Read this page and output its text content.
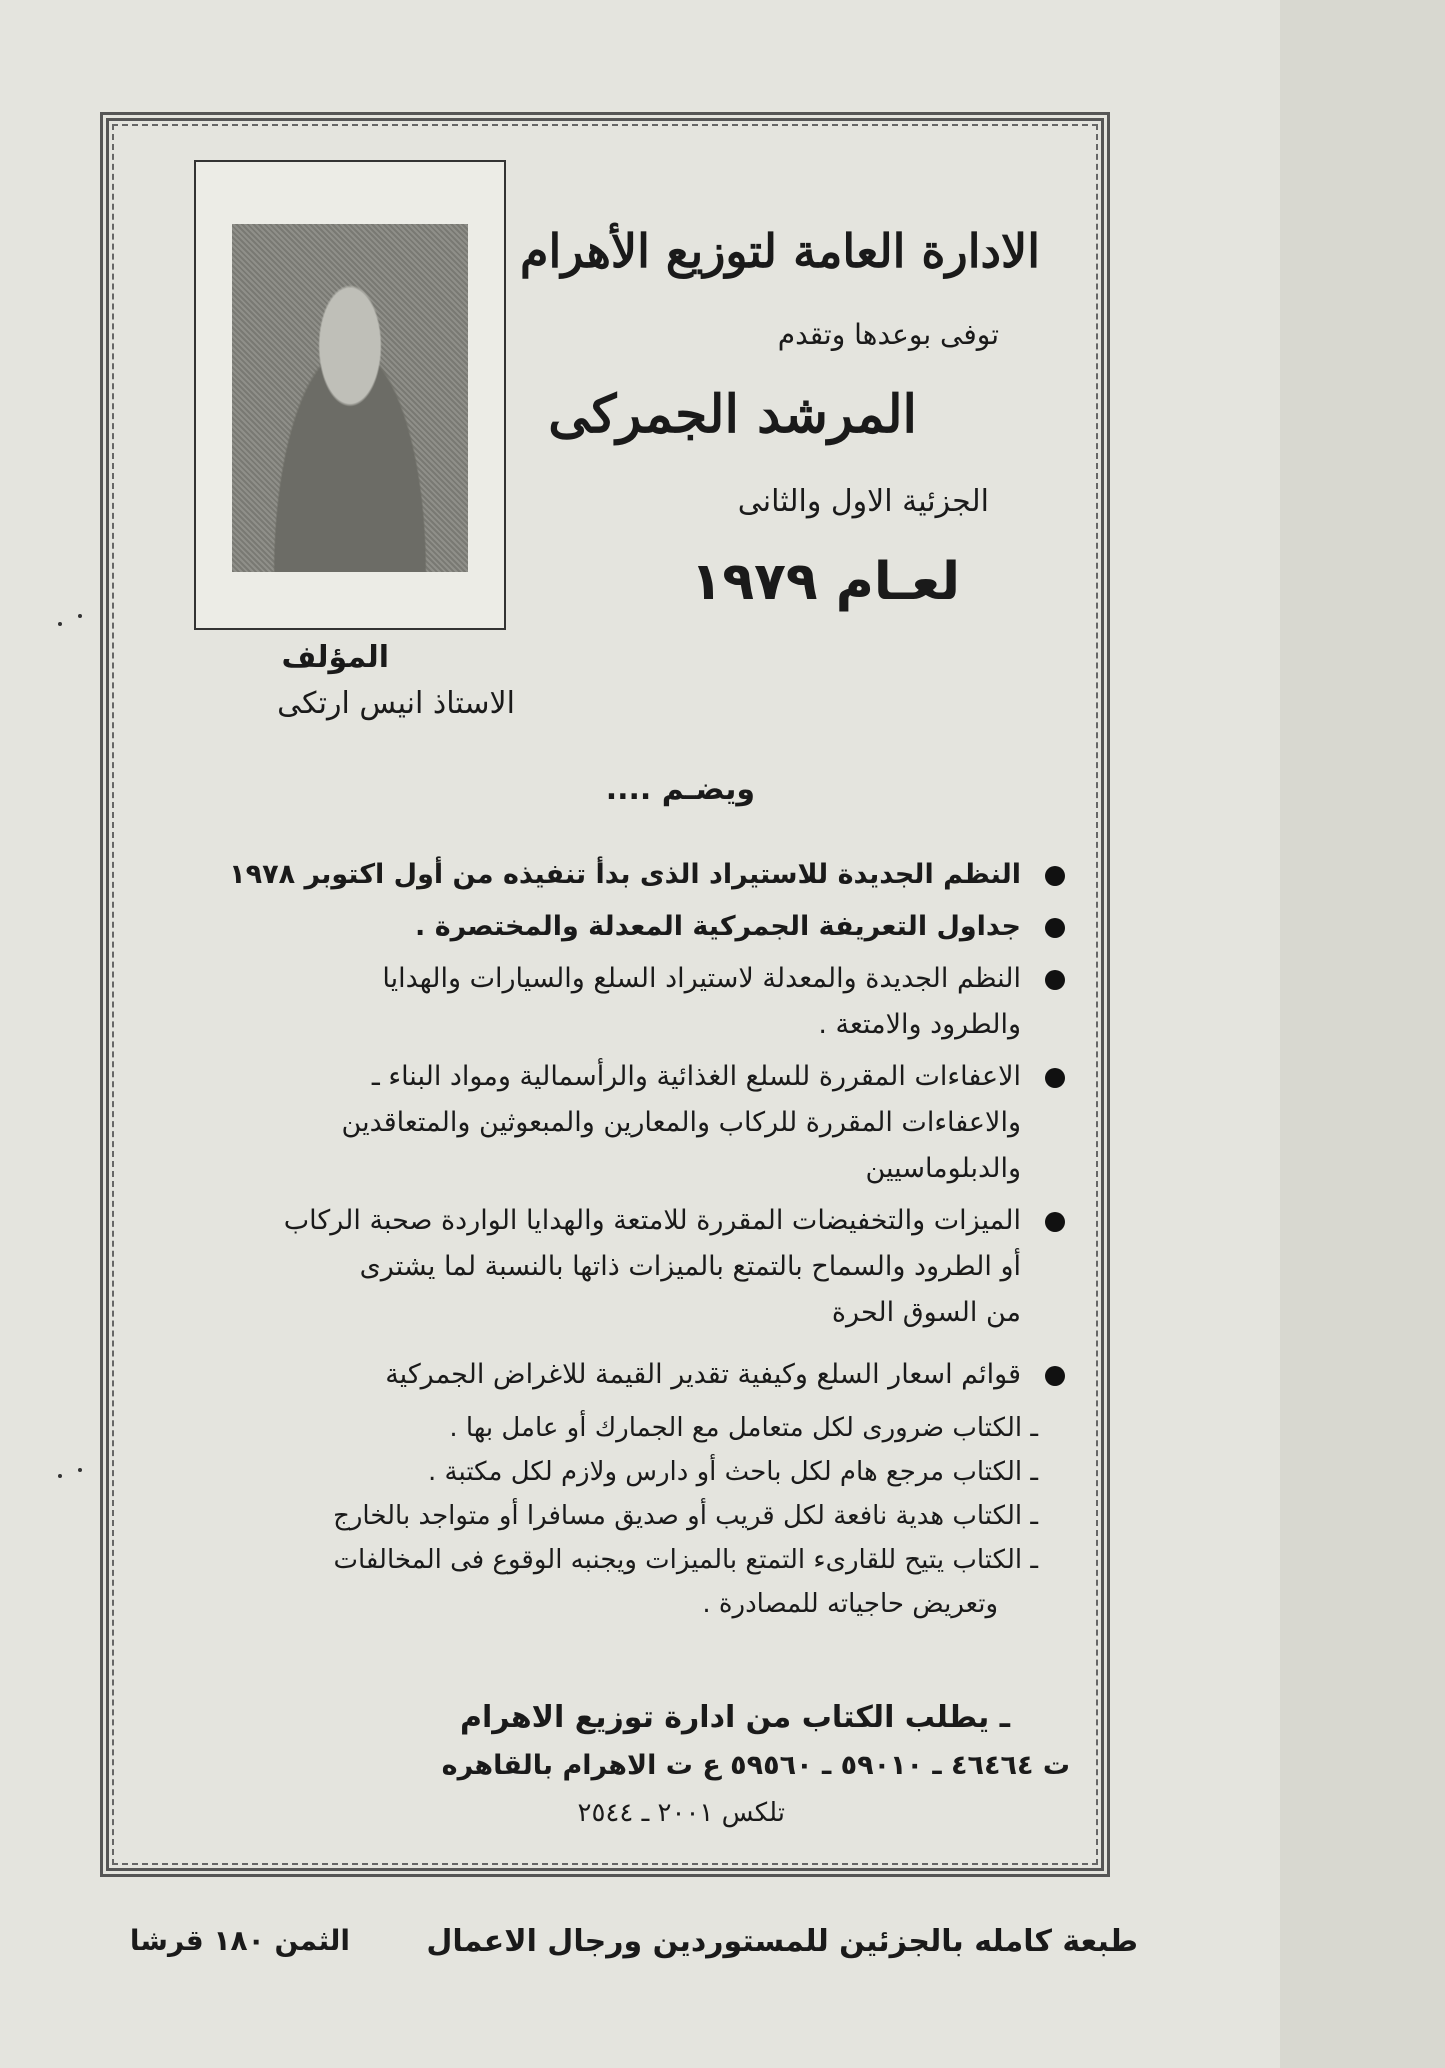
الادارة العامة لتوزيع الأهرام
توفى بوعدها وتقدم
المرشد الجمركى
الجزئية الاول والثانى
لعـام ١٩٧٩
المؤلف
الاستاذ انيس ارتكى
ويضـم ....
النظم الجديدة للاستيراد الذى بدأ تنفيذه من أول اكتوبر ١٩٧٨
جداول التعريفة الجمركية المعدلة والمختصرة .
النظم الجديدة والمعدلة لاستيراد السلع والسيارات والهدايا
والطرود والامتعة .
الاعفاءات المقررة للسلع الغذائية والرأسمالية ومواد البناء ـ
والاعفاءات المقررة للركاب والمعارين والمبعوثين والمتعاقدين
والدبلوماسيين
الميزات والتخفيضات المقررة للامتعة والهدايا الواردة صحبة الركاب
أو الطرود والسماح بالتمتع بالميزات ذاتها بالنسبة لما يشترى
من السوق الحرة
قوائم اسعار السلع وكيفية تقدير القيمة للاغراض الجمركية
ـ الكتاب ضرورى لكل متعامل مع الجمارك أو عامل بها .
ـ الكتاب مرجع هام لكل باحث أو دارس ولازم لكل مكتبة .
ـ الكتاب هدية نافعة لكل قريب أو صديق مسافرا أو متواجد بالخارج
ـ الكتاب يتيح للقارىء التمتع بالميزات ويجنبه الوقوع فى المخالفات
وتعريض حاجياته للمصادرة .
ـ يطلب الكتاب من ادارة توزيع الاهرام
ت ٤٦٤٦٤ ـ ٥٩٠١٠ ـ ٥٩٥٦٠ ع ت الاهرام بالقاهره
تلكس ٢٠٠١ ـ ٢٥٤٤
طبعة كامله بالجزئين للمستوردين ورجال الاعمال
الثمن ١٨٠ قرشا
